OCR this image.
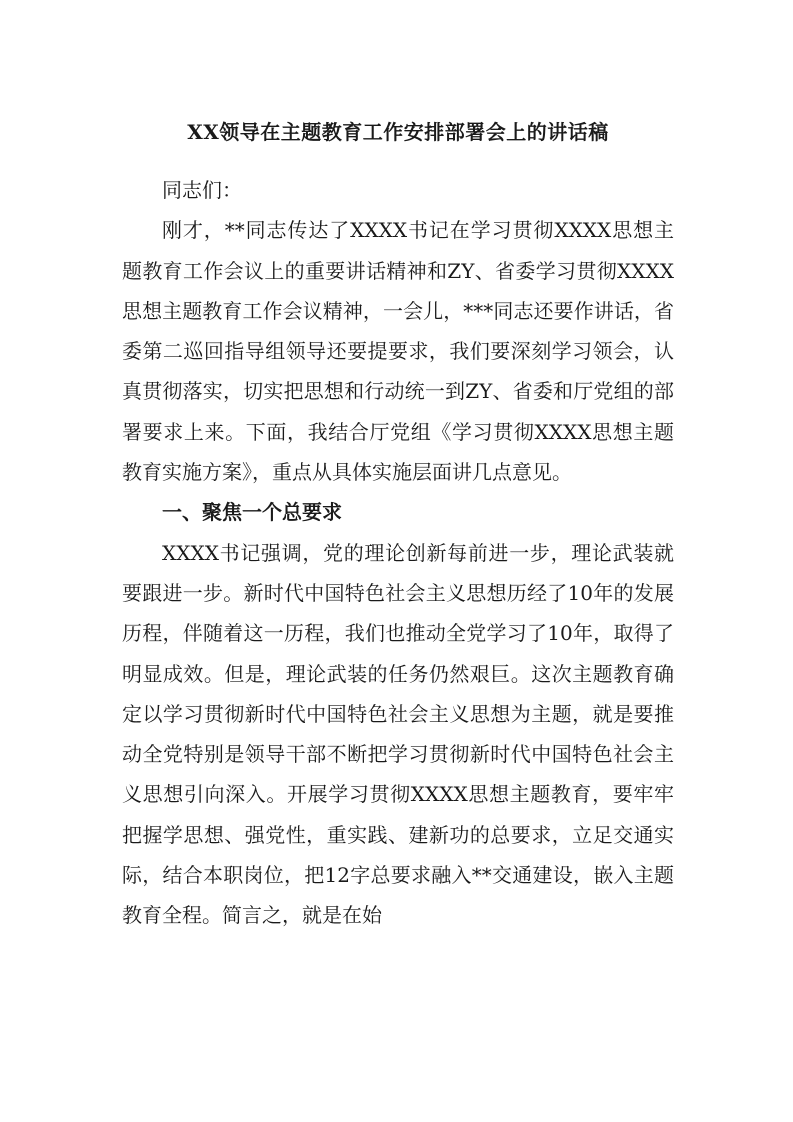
XX领导在主题教育工作安排部署会上的讲话稿

同志们：

刚才，**同志传达了XXXX书记在学习贯彻XXXX思想主题教育工作会议上的重要讲话精神和ZY、省委学习贯彻XXXX思想主题教育工作会议精神，一会儿，***同志还要作讲话，省委第二巡回指导组领导还要提要求，我们要深刻学习领会，认真贯彻落实，切实把思想和行动统一到ZY、省委和厅党组的部署要求上来。下面，我结合厅党组《学习贯彻XXXX思想主题教育实施方案》，重点从具体实施层面讲几点意见。

一、聚焦一个总要求

XXXX书记强调，党的理论创新每前进一步，理论武装就要跟进一步。新时代中国特色社会主义思想历经了10年的发展历程，伴随着这一历程，我们也推动全党学习了10年，取得了明显成效。但是，理论武装的任务仍然艰巨。这次主题教育确定以学习贯彻新时代中国特色社会主义思想为主题，就是要推动全党特别是领导干部不断把学习贯彻新时代中国特色社会主义思想引向深入。开展学习贯彻XXXX思想主题教育，要牢牢把握学思想、强党性，重实践、建新功的总要求，立足交通实际，结合本职岗位，把12字总要求融入**交通建设，嵌入主题教育全程。简言之，就是在始
